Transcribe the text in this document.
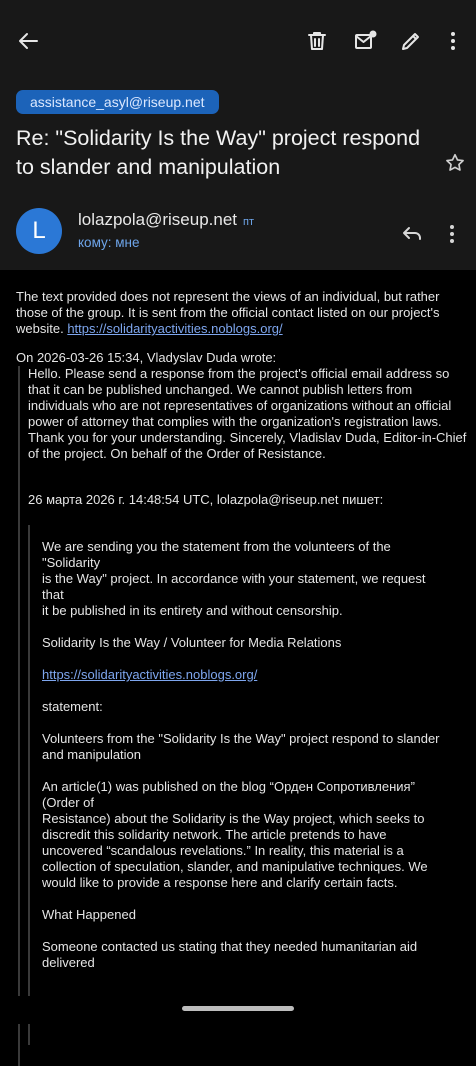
assistance_asyl@riseup.net
Re: "Solidarity Is the Way" project respond to slander and manipulation
L	lolazpola@riseup.net пт
кому: мне
The text provided does not represent the views of an individual, but rather those of the group. It is sent from the official contact listed on our project's website. https://solidarityactivities.noblogs.org/
On 2026-03-26 15:34, Vladyslav Duda wrote:
Hello. Please send a response from the project's official email address so that it can be published unchanged. We cannot publish letters from individuals who are not representatives of organizations without an official power of attorney that complies with the organization's registration laws. Thank you for your understanding. Sincerely, Vladislav Duda, Editor-in-Chief of the project. On behalf of the Order of Resistance.
26 марта 2026 г. 14:48:54 UTC, lolazpola@riseup.net пишет:

We are sending you the statement from the volunteers of the "Solidarity
is the Way" project. In accordance with your statement, we request that
it be published in its entirety and without censorship.

Solidarity Is the Way / Volunteer for Media Relations

https://solidarityactivities.noblogs.org/

statement:

Volunteers from the "Solidarity Is the Way" project respond to slander
and manipulation

An article(1) was published on the blog “Орден Сопротивления” (Order of
Resistance) about the Solidarity is the Way project, which seeks to
discredit this solidarity network. The article pretends to have
uncovered “scandalous revelations.” In reality, this material is a
collection of speculation, slander, and manipulative techniques. We
would like to provide a response here and clarify certain facts.

What Happened

Someone contacted us stating that they needed humanitarian aid delivered
